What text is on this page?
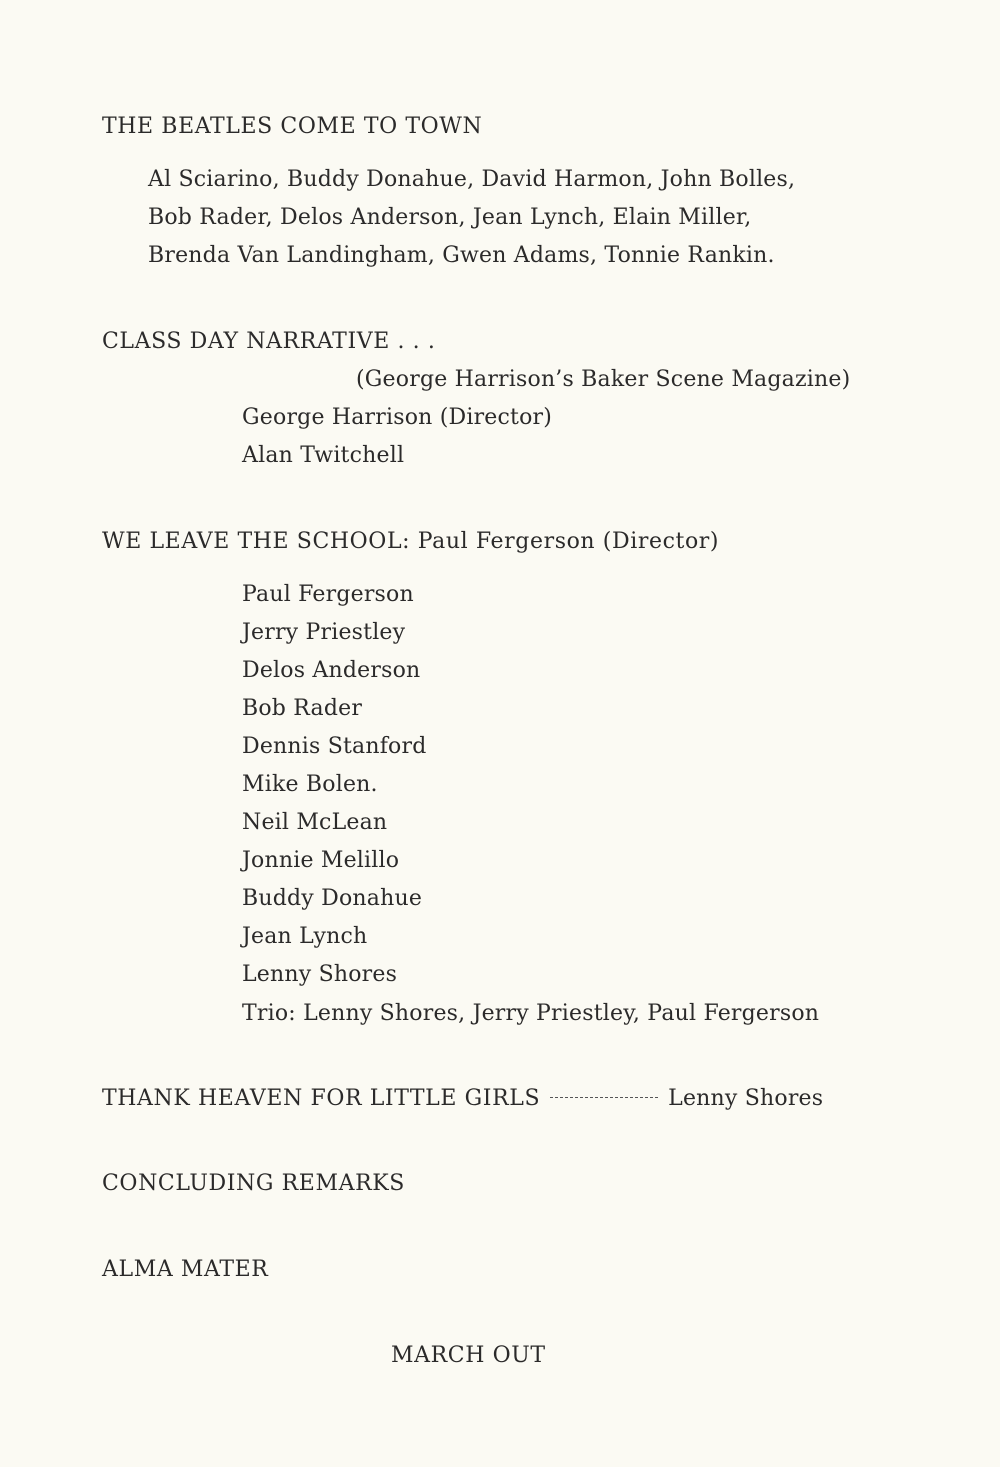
THE BEATLES COME TO TOWN
Al Sciarino, Buddy Donahue, David Harmon, John Bolles,
Bob Rader, Delos Anderson, Jean Lynch, Elain Miller,
Brenda Van Landingham, Gwen Adams, Tonnie Rankin.
CLASS DAY NARRATIVE . . .
(George Harrison’s Baker Scene Magazine)
George Harrison (Director)
Alan Twitchell
WE LEAVE THE SCHOOL: Paul Fergerson (Director)
Paul Fergerson
Jerry Priestley
Delos Anderson
Bob Rader
Dennis Stanford
Mike Bolen.
Neil McLean
Jonnie Melillo
Buddy Donahue
Jean Lynch
Lenny Shores
Trio: Lenny Shores, Jerry Priestley, Paul Fergerson
THANK HEAVEN FOR LITTLE GIRLS	Lenny Shores
CONCLUDING REMARKS
ALMA MATER
MARCH OUT
